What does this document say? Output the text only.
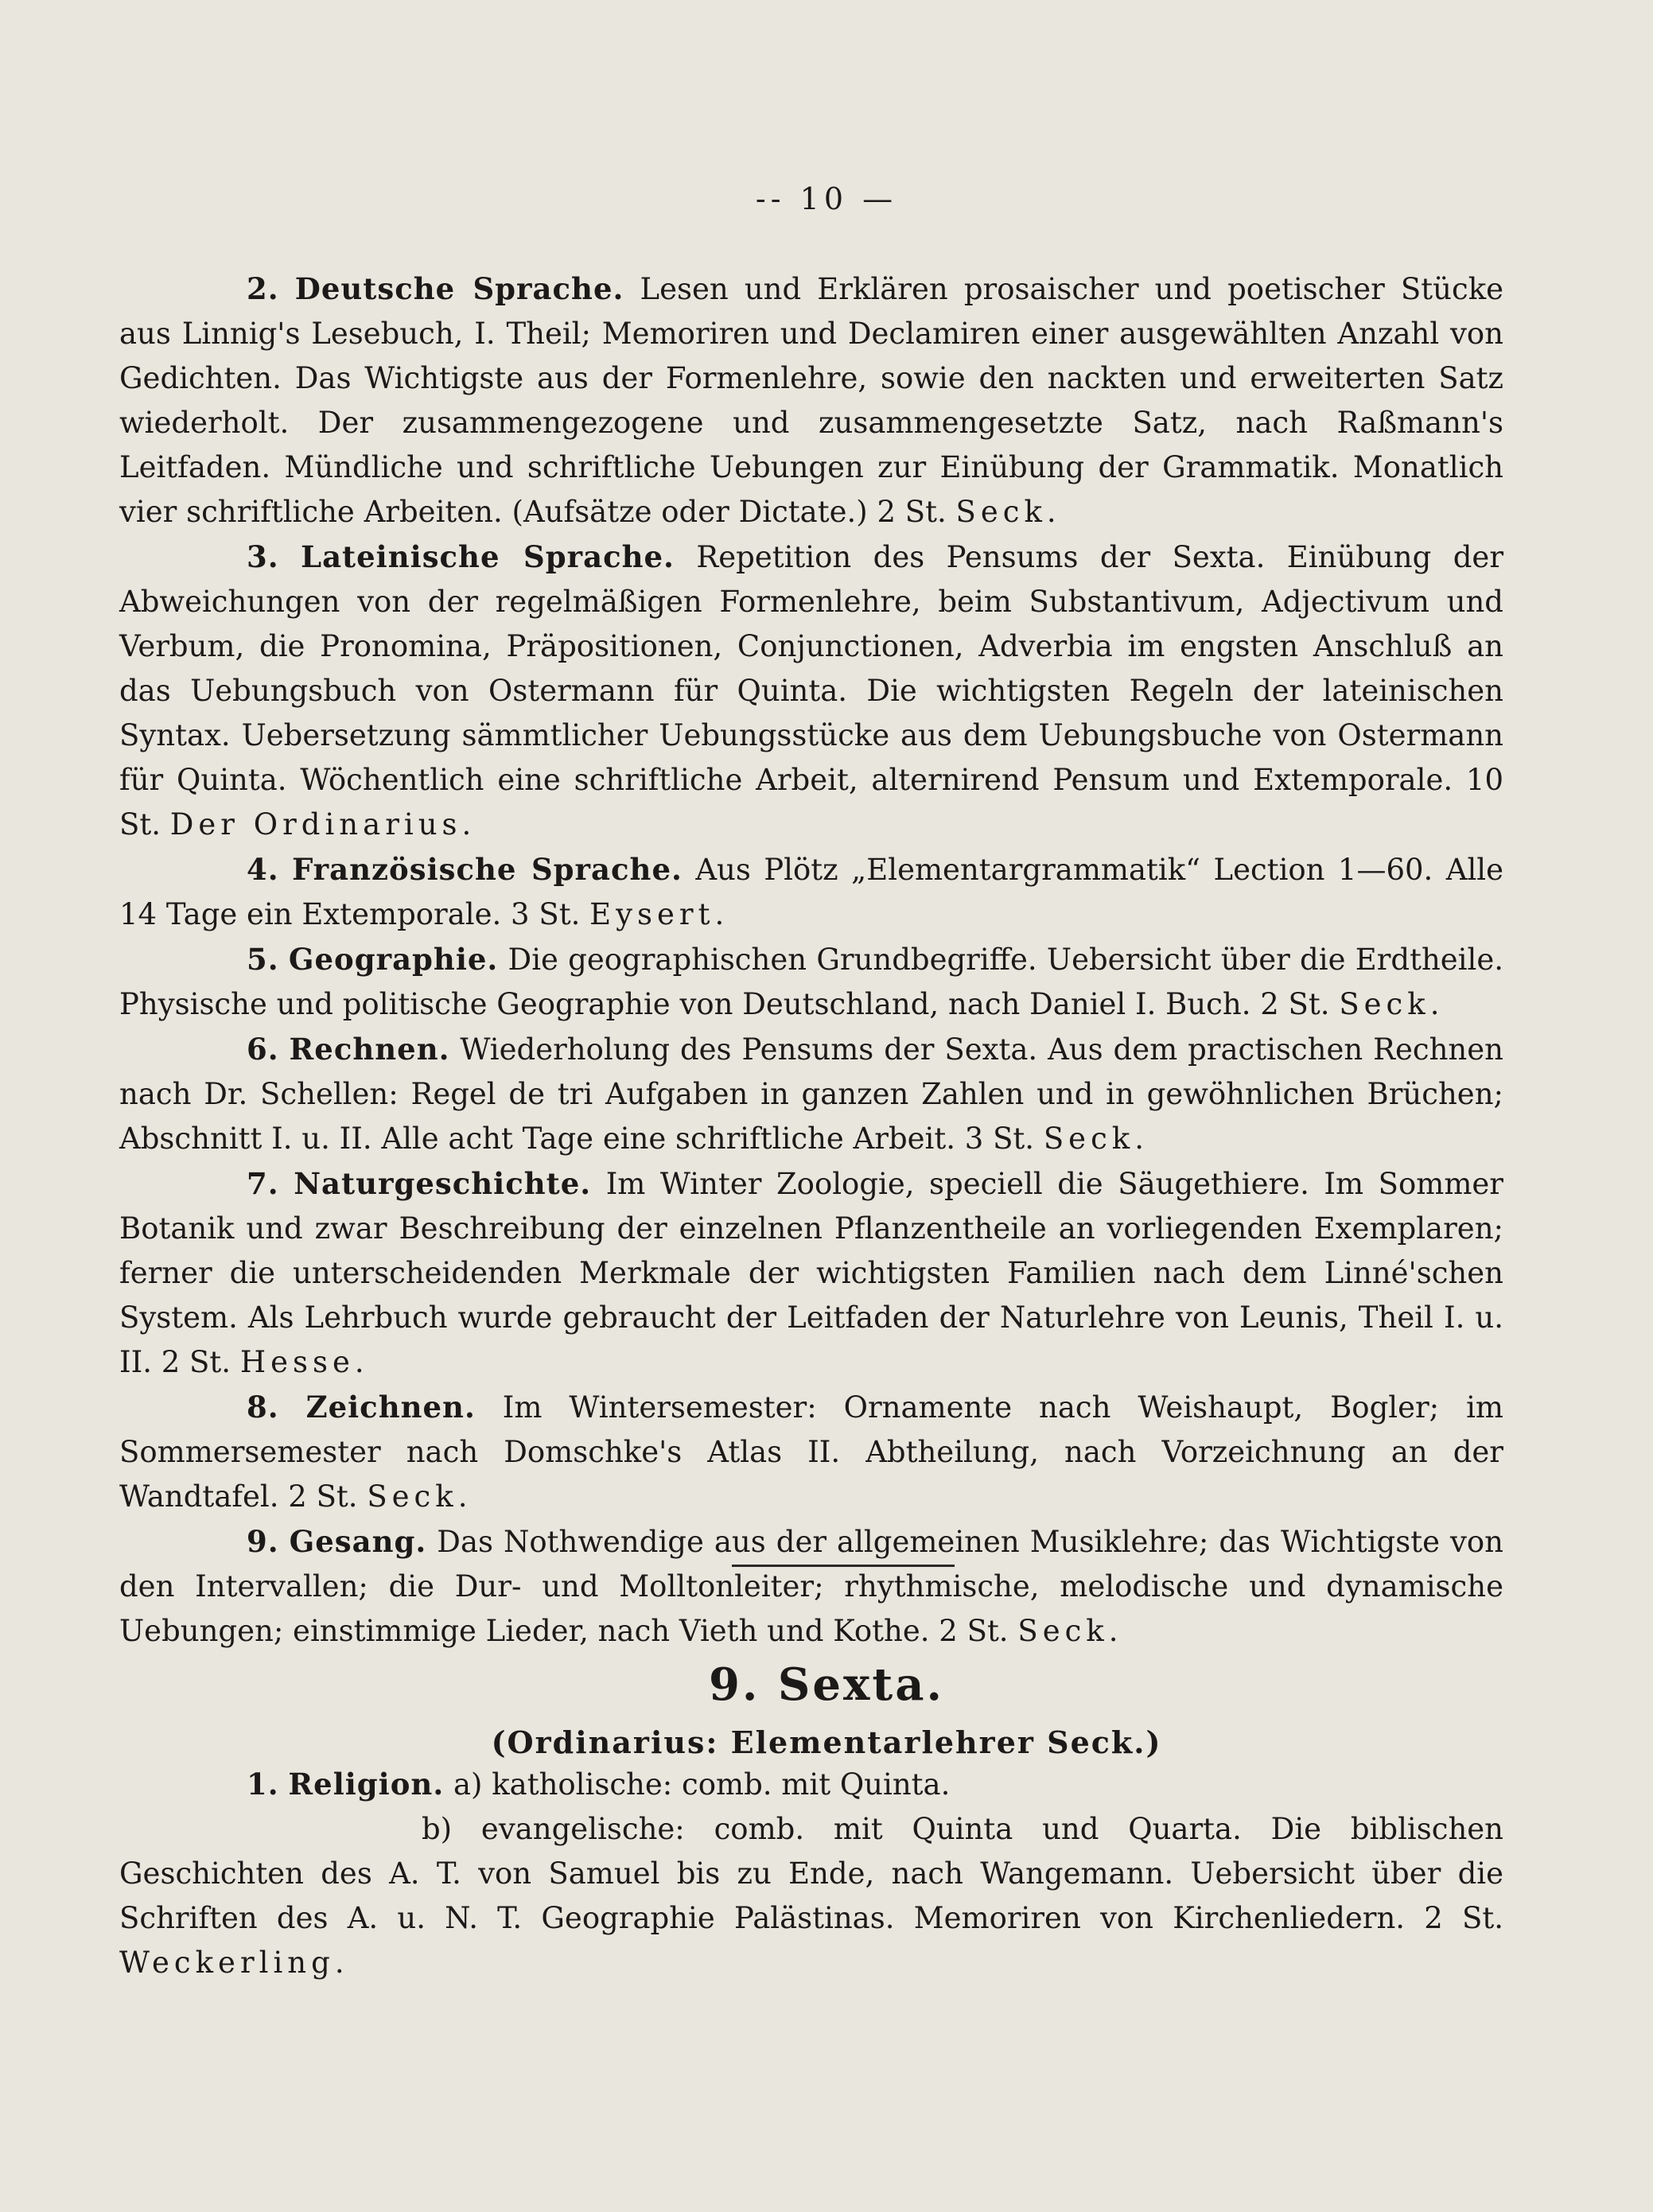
-- 10 —

2. Deutsche Sprache. Lesen und Erklären prosaischer und poetischer Stücke aus Linnig's Lesebuch, I. Theil; Memoriren und Declamiren einer ausgewählten Anzahl von Gedichten. Das Wichtigste aus der Formenlehre, sowie den nackten und erweiterten Satz wiederholt. Der zusammengezogene und zusammengesetzte Satz, nach Raßmann's Leitfaden. Mündliche und schriftliche Uebungen zur Einübung der Grammatik. Monatlich vier schriftliche Arbeiten. (Aufsätze oder Dictate.) 2 St. Seck.

3. Lateinische Sprache. Repetition des Pensums der Sexta. Einübung der Abweichungen von der regelmäßigen Formenlehre, beim Substantivum, Adjectivum und Verbum, die Pronomina, Präpositionen, Conjunctionen, Adverbia im engsten Anschluß an das Uebungsbuch von Ostermann für Quinta. Die wichtigsten Regeln der lateinischen Syntax. Uebersetzung sämmtlicher Uebungsstücke aus dem Uebungsbuche von Ostermann für Quinta. Wöchentlich eine schriftliche Arbeit, alternirend Pensum und Extemporale. 10 St. Der Ordinarius.

4. Französische Sprache. Aus Plötz „Elementargrammatik“ Lection 1—60. Alle 14 Tage ein Extemporale. 3 St. Eysert.

5. Geographie. Die geographischen Grundbegriffe. Uebersicht über die Erdtheile. Physische und politische Geographie von Deutschland, nach Daniel I. Buch. 2 St. Seck.

6. Rechnen. Wiederholung des Pensums der Sexta. Aus dem practischen Rechnen nach Dr. Schellen: Regel de tri Aufgaben in ganzen Zahlen und in gewöhnlichen Brüchen; Abschnitt I. u. II. Alle acht Tage eine schriftliche Arbeit. 3 St. Seck.

7. Naturgeschichte. Im Winter Zoologie, speciell die Säugethiere. Im Sommer Botanik und zwar Beschreibung der einzelnen Pflanzentheile an vorliegenden Exemplaren; ferner die unterscheidenden Merkmale der wichtigsten Familien nach dem Linné'schen System. Als Lehrbuch wurde gebraucht der Leitfaden der Naturlehre von Leunis, Theil I. u. II. 2 St. Hesse.

8. Zeichnen. Im Wintersemester: Ornamente nach Weishaupt, Bogler; im Sommersemester nach Domschke's Atlas II. Abtheilung, nach Vorzeichnung an der Wandtafel. 2 St. Seck.

9. Gesang. Das Nothwendige aus der allgemeinen Musiklehre; das Wichtigste von den Intervallen; die Dur- und Molltonleiter; rhythmische, melodische und dynamische Uebungen; einstimmige Lieder, nach Vieth und Kothe. 2 St. Seck.

9. Sexta.
(Ordinarius: Elementarlehrer Seck.)

1. Religion. a) katholische: comb. mit Quinta.

b) evangelische: comb. mit Quinta und Quarta. Die biblischen Geschichten des A. T. von Samuel bis zu Ende, nach Wangemann. Uebersicht über die Schriften des A. u. N. T. Geographie Palästinas. Memoriren von Kirchenliedern. 2 St. Weckerling.
